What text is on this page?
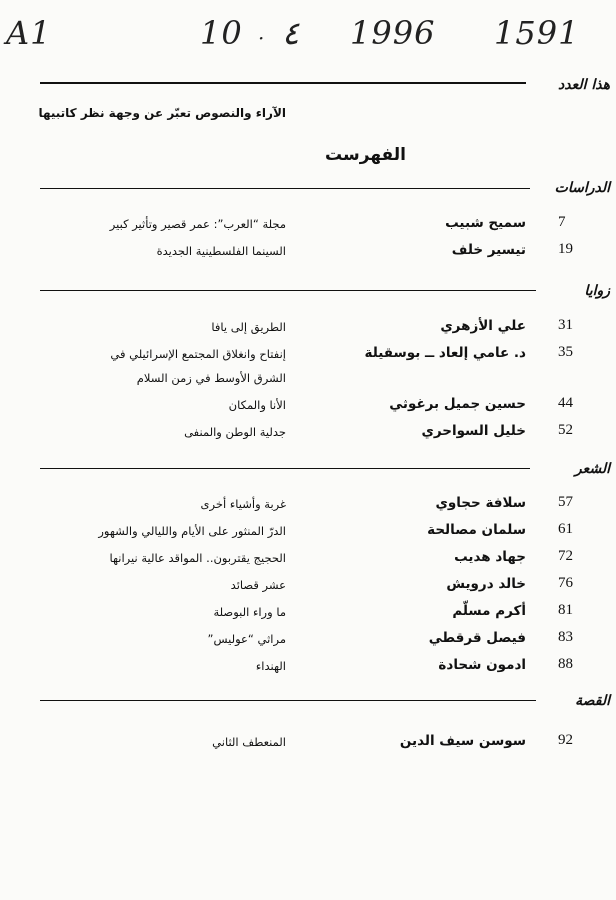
A1	10 · ٤ 1996 1591
هذا العدد
الآراء والنصوص تعبّر عن وجهة نظر كاتبيها
الفهرست
الدراسات
7
سميح شبيب
مجلة “العرب”: عمر قصير وتأثير كبير
19
تيسير خلف
السينما الفلسطينية الجديدة
زوايا
31
علي الأزهري
الطريق إلى يافا
35
د. عامي إلعاد ــ بوسقيلة
إنفتاح وانغلاق المجتمع الإسرائيلي في
الشرق الأوسط في زمن السلام
44
حسين جميل برغوثي
الأنا والمكان
52
خليل السواحري
جدلية الوطن والمنفى
الشعر
57
سلافة حجاوي
غربة وأشياء أخرى
61
سلمان مصالحة
الدرّ المنثور على الأيام والليالي والشهور
72
جهاد هديب
الحجيج يقتربون.. المواقد عالية نيرانها
76
خالد درويش
عشر قصائد
81
أكرم مسلّم
ما وراء البوصلة
83
فيصل قرقطي
مراثي “عوليس”
88
ادمون شحادة
الهنداء
القصة
92
سوسن سيف الدين
المنعطف الثاني
